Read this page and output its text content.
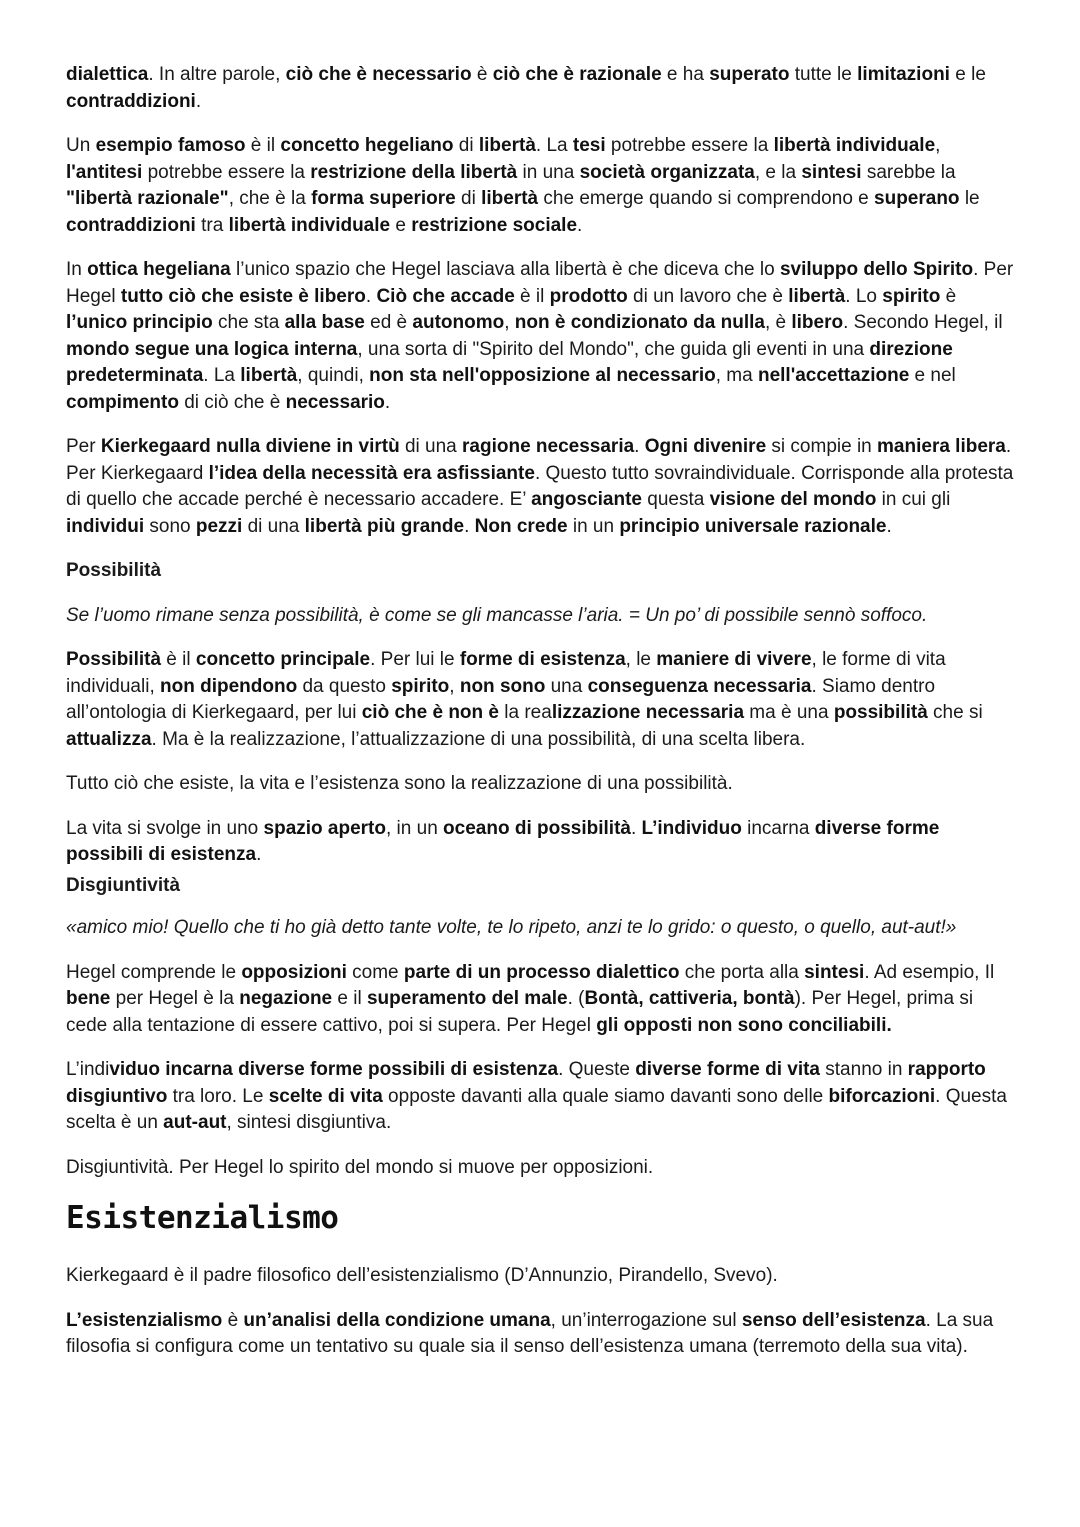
dialettica. In altre parole, ciò che è necessario è ciò che è razionale e ha superato tutte le limitazioni e le contraddizioni.

Un esempio famoso è il concetto hegeliano di libertà. La tesi potrebbe essere la libertà individuale, l'antitesi potrebbe essere la restrizione della libertà in una società organizzata, e la sintesi sarebbe la "libertà razionale", che è la forma superiore di libertà che emerge quando si comprendono e superano le contraddizioni tra libertà individuale e restrizione sociale.

In ottica hegeliana l’unico spazio che Hegel lasciava alla libertà è che diceva che lo sviluppo dello Spirito. Per Hegel tutto ciò che esiste è libero. Ciò che accade è il prodotto di un lavoro che è libertà. Lo spirito è l’unico principio che sta alla base ed è autonomo, non è condizionato da nulla, è libero. Secondo Hegel, il mondo segue una logica interna, una sorta di "Spirito del Mondo", che guida gli eventi in una direzione predeterminata. La libertà, quindi, non sta nell'opposizione al necessario, ma nell'accettazione e nel compimento di ciò che è necessario.

Per Kierkegaard nulla diviene in virtù di una ragione necessaria. Ogni divenire si compie in maniera libera. Per Kierkegaard l’idea della necessità era asfissiante. Questo tutto sovraindividuale. Corrisponde alla protesta di quello che accade perché è necessario accadere. E’ angosciante questa visione del mondo in cui gli individui sono pezzi di una libertà più grande. Non crede in un principio universale razionale.

Possibilità

Se l’uomo rimane senza possibilità, è come se gli mancasse l’aria. = Un po’ di possibile sennò soffoco.

Possibilità è il concetto principale. Per lui le forme di esistenza, le maniere di vivere, le forme di vita individuali, non dipendono da questo spirito, non sono una conseguenza necessaria. Siamo dentro all’ontologia di Kierkegaard, per lui ciò che è non è la realizzazione necessaria ma è una possibilità che si attualizza. Ma è la realizzazione, l’attualizzazione di una possibilità, di una scelta libera.

Tutto ciò che esiste, la vita e l’esistenza sono la realizzazione di una possibilità.

La vita si svolge in uno spazio aperto, in un oceano di possibilità. L’individuo incarna diverse forme possibili di esistenza.

Disgiuntività

«amico mio! Quello che ti ho già detto tante volte, te lo ripeto, anzi te lo grido: o questo, o quello, aut-aut!»

Hegel comprende le opposizioni come parte di un processo dialettico che porta alla sintesi. Ad esempio, Il bene per Hegel è la negazione e il superamento del male. (Bontà, cattiveria, bontà). Per Hegel, prima si cede alla tentazione di essere cattivo, poi si supera. Per Hegel gli opposti non sono conciliabili.

L’individuo incarna diverse forme possibili di esistenza. Queste diverse forme di vita stanno in rapporto disgiuntivo tra loro. Le scelte di vita opposte davanti alla quale siamo davanti sono delle biforcazioni. Questa scelta è un aut-aut, sintesi disgiuntiva.

Disgiuntività. Per Hegel lo spirito del mondo si muove per opposizioni.

Esistenzialismo

Kierkegaard è il padre filosofico dell’esistenzialismo (D’Annunzio, Pirandello, Svevo).

L’esistenzialismo è un’analisi della condizione umana, un’interrogazione sul senso dell’esistenza. La sua filosofia si configura come un tentativo su quale sia il senso dell’esistenza umana (terremoto della sua vita).
